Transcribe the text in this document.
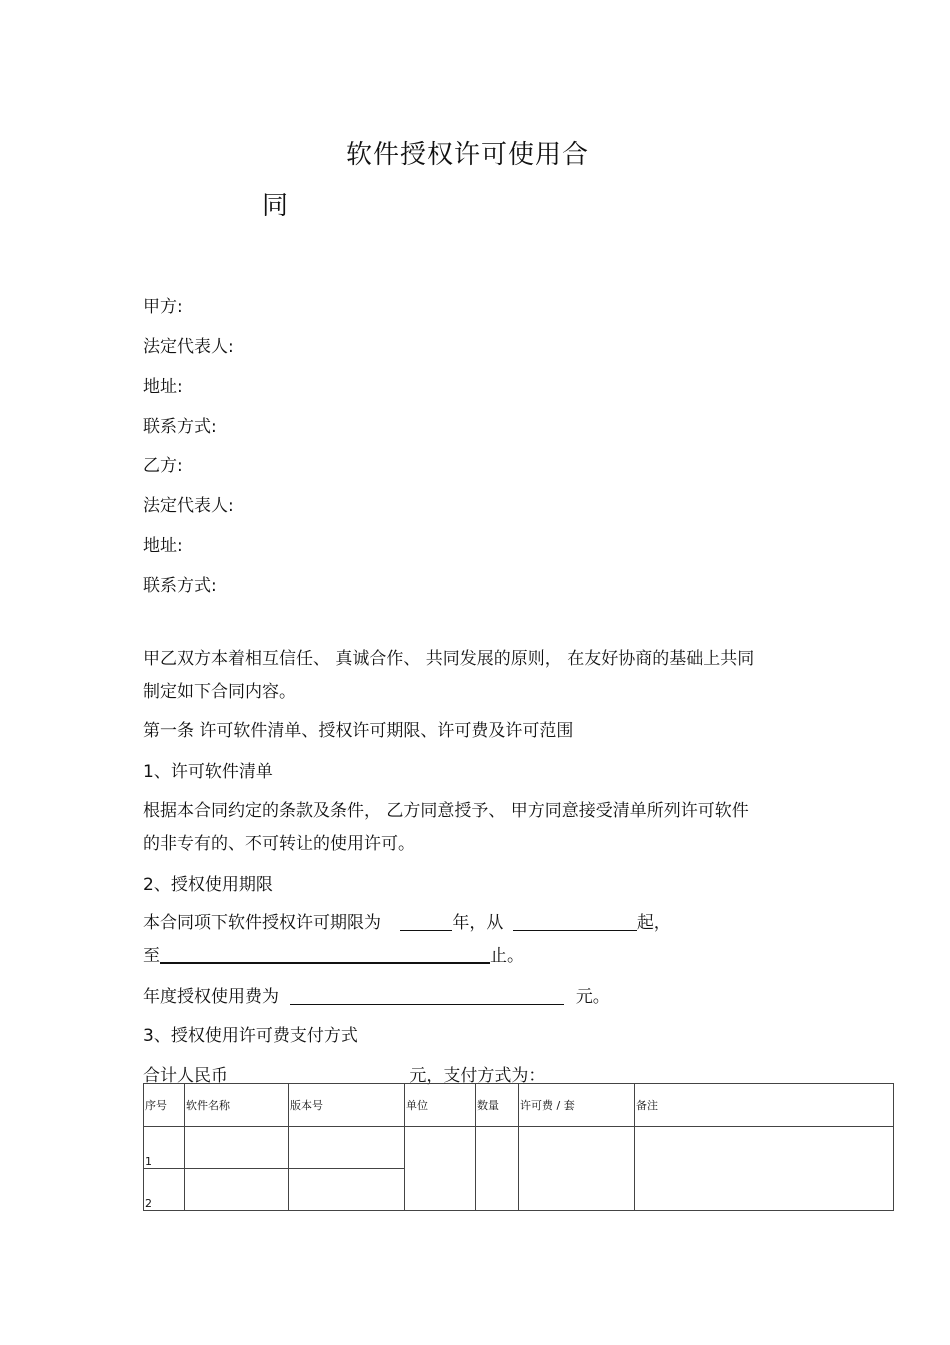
软件授权许可使用合
同
甲方:
法定代表人:
地址:
联系方式:
乙方:
法定代表人:
地址:
联系方式:
甲乙双方本着相互信任、 真诚合作、 共同发展的原则， 在友好协商的基础上共同
制定如下合同内容。
第一条 许可软件清单、授权许可期限、许可费及许可范围
1、许可软件清单
根据本合同约定的条款及条件， 乙方同意授予、 甲方同意接受清单所列许可软件
的非专有的、不可转让的使用许可。
2、授权使用期限
本合同项下软件授权许可期限为	年，从	起，
至	止。
年度授权使用费为	元。
3、授权使用许可费支付方式
合计人民币	元，支付方式为：
序号	软件名称	版本号	单位	数量	许可费 / 套	备注
1						
2						
